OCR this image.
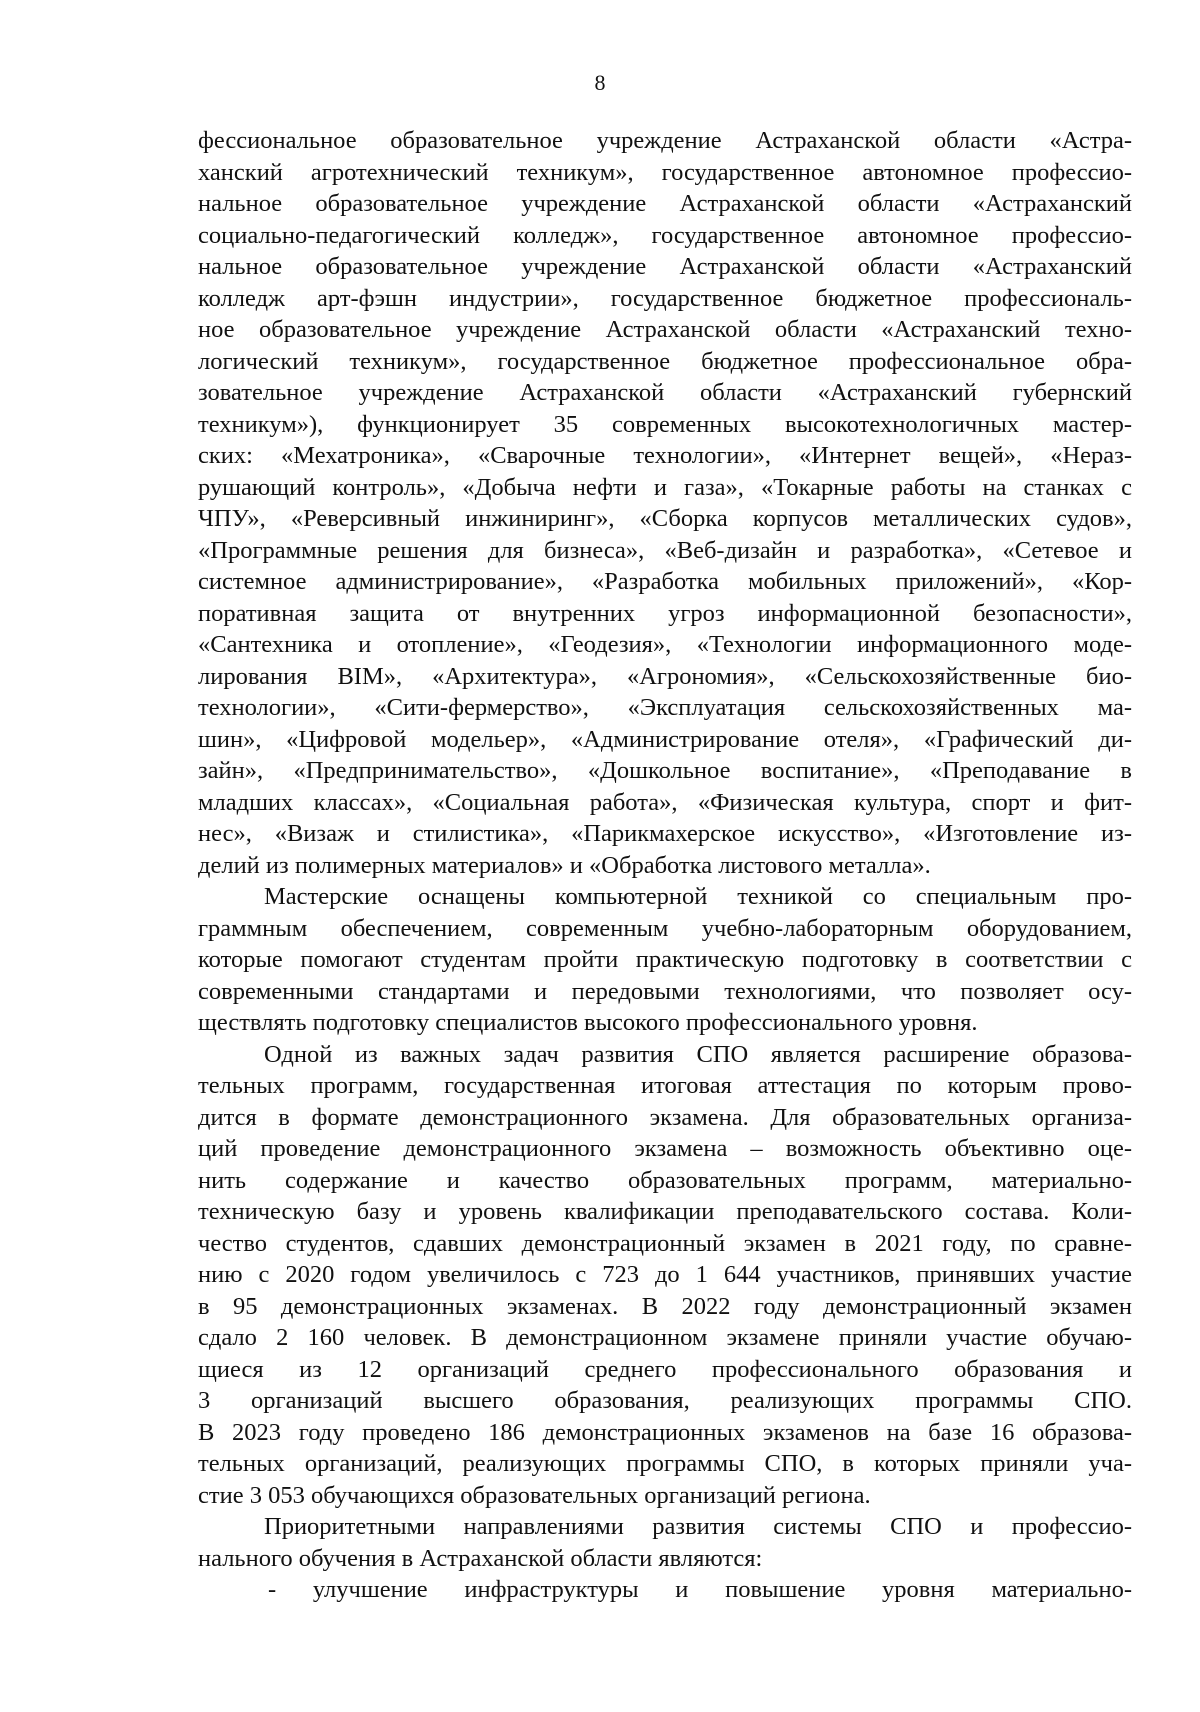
8
фессиональное образовательное учреждение Астраханской области «Астра-
ханский агротехнический техникум», государственное автономное профессио-
нальное образовательное учреждение Астраханской области «Астраханский
социально-педагогический колледж», государственное автономное профессио-
нальное образовательное учреждение Астраханской области «Астраханский
колледж арт-фэшн индустрии», государственное бюджетное профессиональ-
ное образовательное учреждение Астраханской области «Астраханский техно-
логический техникум», государственное бюджетное профессиональное обра-
зовательное учреждение Астраханской области «Астраханский губернский
техникум»), функционирует 35 современных высокотехнологичных мастер-
ских: «Мехатроника», «Сварочные технологии», «Интернет вещей», «Нераз-
рушающий контроль», «Добыча нефти и газа», «Токарные работы на станках с
ЧПУ», «Реверсивный инжиниринг», «Сборка корпусов металлических судов»,
«Программные решения для бизнеса», «Веб-дизайн и разработка», «Сетевое и
системное администрирование», «Разработка мобильных приложений», «Кор-
поративная защита от внутренних угроз информационной безопасности»,
«Сантехника и отопление», «Геодезия», «Технологии информационного моде-
лирования BIM», «Архитектура», «Агрономия», «Сельскохозяйственные био-
технологии», «Сити-фермерство», «Эксплуатация сельскохозяйственных ма-
шин», «Цифровой модельер», «Администрирование отеля», «Графический ди-
зайн», «Предпринимательство», «Дошкольное воспитание», «Преподавание в
младших классах», «Социальная работа», «Физическая культура, спорт и фит-
нес», «Визаж и стилистика», «Парикмахерское искусство», «Изготовление из-
делий из полимерных материалов» и «Обработка листового металла».
Мастерские оснащены компьютерной техникой со специальным про-
граммным обеспечением, современным учебно-лабораторным оборудованием,
которые помогают студентам пройти практическую подготовку в соответствии с
современными стандартами и передовыми технологиями, что позволяет осу-
ществлять подготовку специалистов высокого профессионального уровня.
Одной из важных задач развития СПО является расширение образова-
тельных программ, государственная итоговая аттестация по которым прово-
дится в формате демонстрационного экзамена. Для образовательных организа-
ций проведение демонстрационного экзамена – возможность объективно оце-
нить содержание и качество образовательных программ, материально-
техническую базу и уровень квалификации преподавательского состава. Коли-
чество студентов, сдавших демонстрационный экзамен в 2021 году, по сравне-
нию с 2020 годом увеличилось с 723 до 1 644 участников, принявших участие
в 95 демонстрационных экзаменах. В 2022 году демонстрационный экзамен
сдало 2 160 человек. В демонстрационном экзамене приняли участие обучаю-
щиеся из 12 организаций среднего профессионального образования и
3 организаций высшего образования, реализующих программы СПО.
В 2023 году проведено 186 демонстрационных экзаменов на базе 16 образова-
тельных организаций, реализующих программы СПО, в которых приняли уча-
стие 3 053 обучающихся образовательных организаций региона.
Приоритетными направлениями развития системы СПО и профессио-
нального обучения в Астраханской области являются:
- улучшение инфраструктуры и повышение уровня материально-
